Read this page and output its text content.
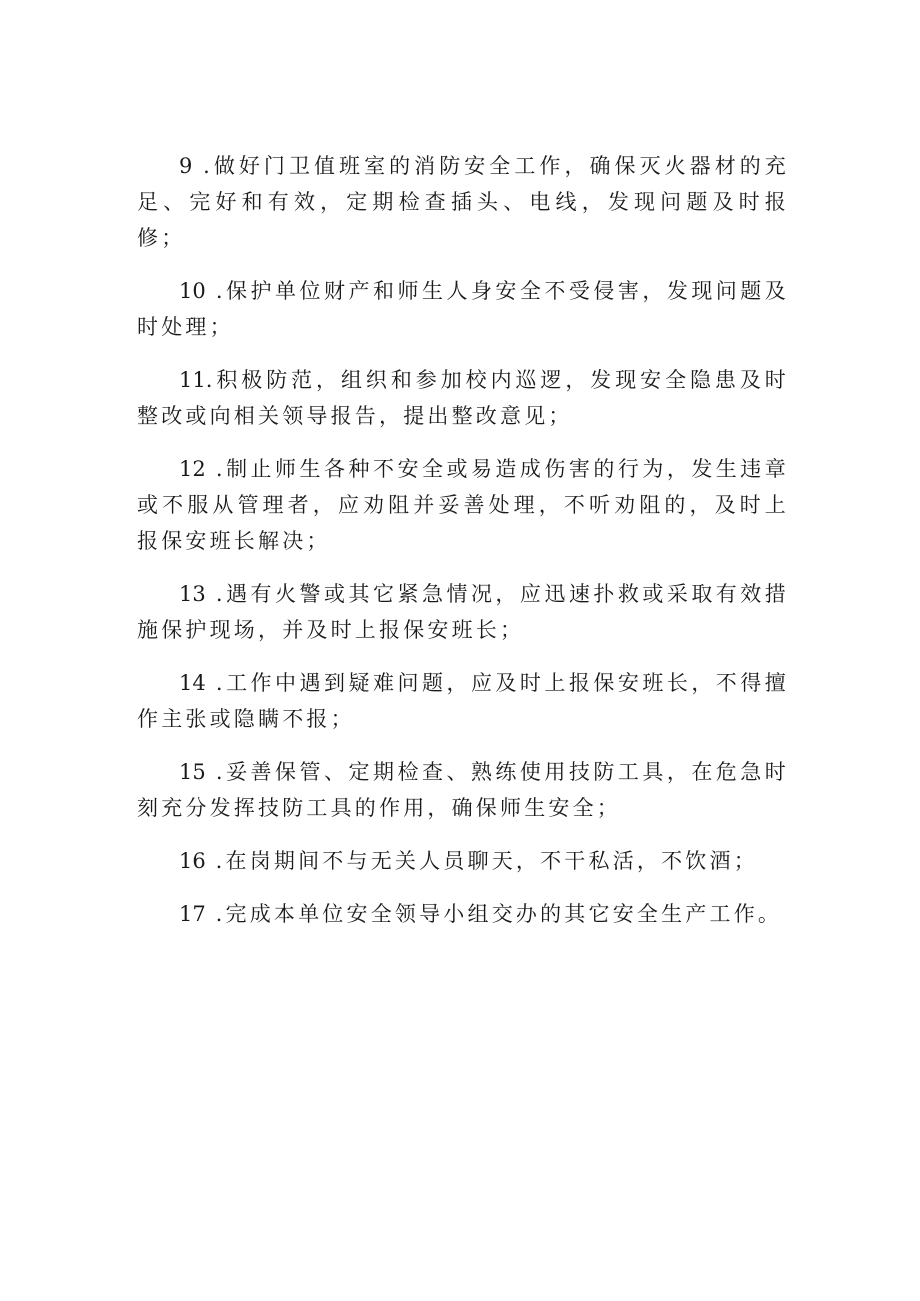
9 .做好门卫值班室的消防安全工作，确保灭火器材的充足、完好和有效，定期检查插头、电线，发现问题及时报修；

10 .保护单位财产和师生人身安全不受侵害，发现问题及时处理；

11.积极防范，组织和参加校内巡逻，发现安全隐患及时整改或向相关领导报告，提出整改意见；

12 .制止师生各种不安全或易造成伤害的行为，发生违章或不服从管理者，应劝阻并妥善处理，不听劝阻的，及时上报保安班长解决；

13 .遇有火警或其它紧急情况，应迅速扑救或采取有效措施保护现场，并及时上报保安班长；

14 .工作中遇到疑难问题，应及时上报保安班长，不得擅作主张或隐瞒不报；

15 .妥善保管、定期检查、熟练使用技防工具，在危急时刻充分发挥技防工具的作用，确保师生安全；

16 .在岗期间不与无关人员聊天，不干私活，不饮酒；

17 .完成本单位安全领导小组交办的其它安全生产工作。
